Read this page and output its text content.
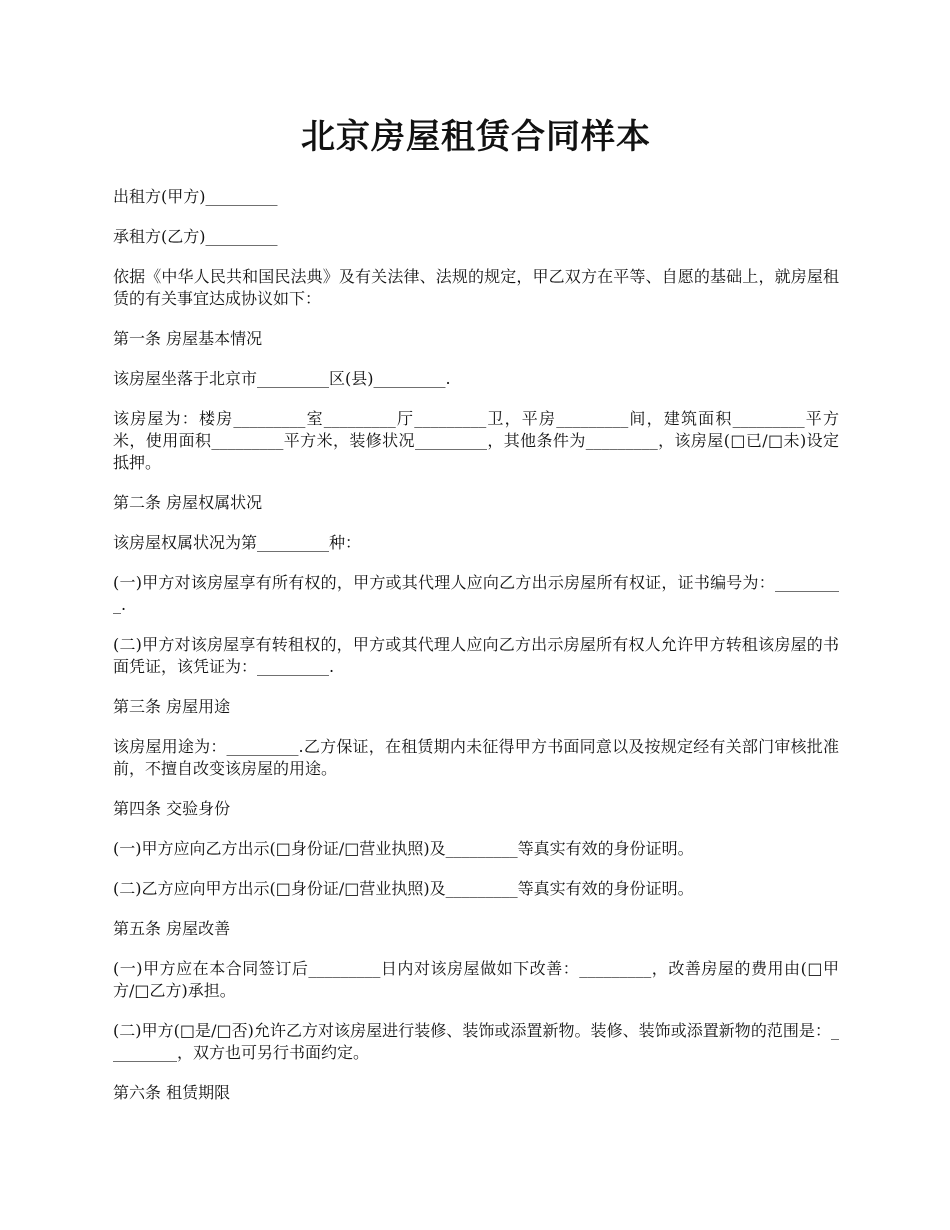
北京房屋租赁合同样本

出租方(甲方)_________

承租方(乙方)_________

依据《中华人民共和国民法典》及有关法律、法规的规定，甲乙双方在平等、自愿的基础上，就房屋租赁的有关事宜达成协议如下：

第一条 房屋基本情况

该房屋坐落于北京市_________区(县)_________.

该房屋为：楼房_________室_________厅_________卫，平房_________间，建筑面积_________平方米，使用面积_________平方米，装修状况_________，其他条件为_________，该房屋(□已/□未)设定抵押。

第二条 房屋权属状况

该房屋权属状况为第_________种：

(一)甲方对该房屋享有所有权的，甲方或其代理人应向乙方出示房屋所有权证，证书编号为：_________.

(二)甲方对该房屋享有转租权的，甲方或其代理人应向乙方出示房屋所有权人允许甲方转租该房屋的书面凭证，该凭证为：_________.

第三条 房屋用途

该房屋用途为：_________.乙方保证，在租赁期内未征得甲方书面同意以及按规定经有关部门审核批准前，不擅自改变该房屋的用途。

第四条 交验身份

(一)甲方应向乙方出示(□身份证/□营业执照)及_________等真实有效的身份证明。

(二)乙方应向甲方出示(□身份证/□营业执照)及_________等真实有效的身份证明。

第五条 房屋改善

(一)甲方应在本合同签订后_________日内对该房屋做如下改善：_________，改善房屋的费用由(□甲方/□乙方)承担。

(二)甲方(□是/□否)允许乙方对该房屋进行装修、装饰或添置新物。装修、装饰或添置新物的范围是：_________，双方也可另行书面约定。

第六条 租赁期限
